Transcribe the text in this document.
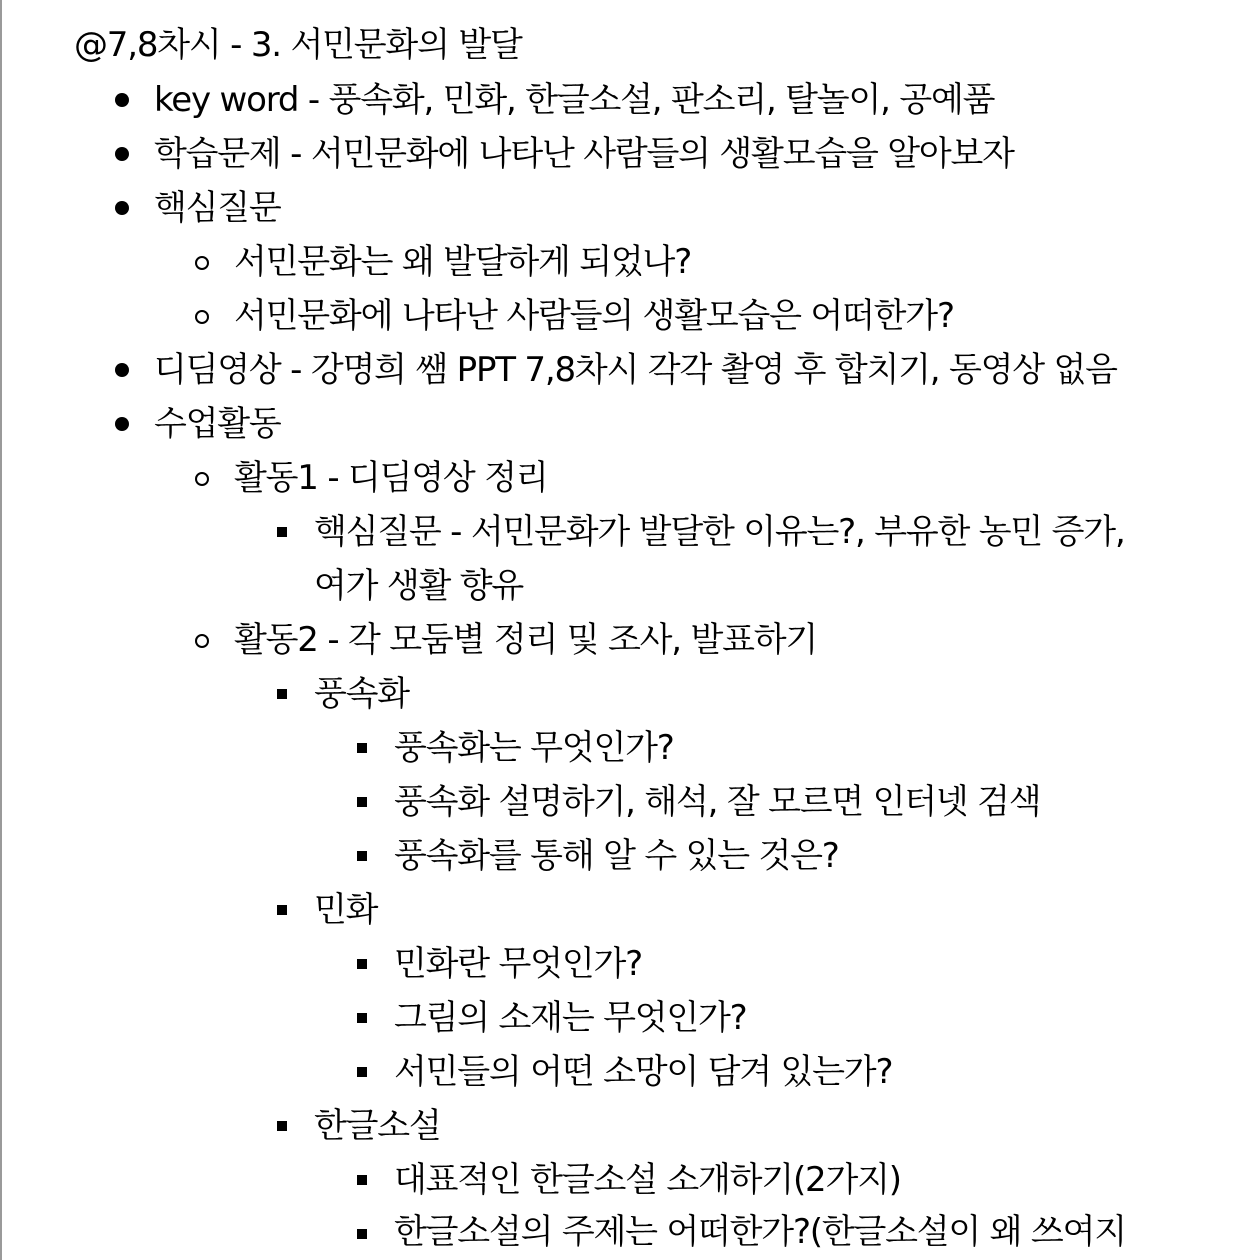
@7,8차시 - 3. 서민문화의 발달
key word - 풍속화, 민화, 한글소설, 판소리, 탈놀이, 공예품
학습문제 - 서민문화에 나타난 사람들의 생활모습을 알아보자
핵심질문
서민문화는 왜 발달하게 되었나?
서민문화에 나타난 사람들의 생활모습은 어떠한가?
디딤영상 - 강명희 쌤 PPT 7,8차시 각각 촬영 후 합치기, 동영상 없음
수업활동
활동1 - 디딤영상 정리
핵심질문 - 서민문화가 발달한 이유는?, 부유한 농민 증가,
여가 생활 향유
활동2 - 각 모둠별 정리 및 조사, 발표하기
풍속화
풍속화는 무엇인가?
풍속화 설명하기, 해석, 잘 모르면 인터넷 검색
풍속화를 통해 알 수 있는 것은?
민화
민화란 무엇인가?
그림의 소재는 무엇인가?
서민들의 어떤 소망이 담겨 있는가?
한글소설
대표적인 한글소설 소개하기(2가지)
한글소설의 주제는 어떠한가?(한글소설이 왜 쓰여지
